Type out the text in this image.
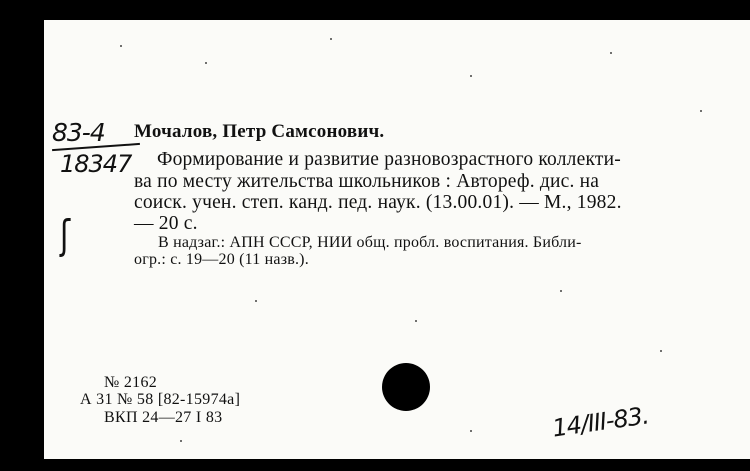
83-4
18347
ʃ
Мочалов, Петр Самсонович.
Формирование и развитие разновозрастного коллекти-
ва по месту жительства школьников : Автореф. дис. на
соиск. учен. степ. канд. пед. наук. (13.00.01). — М., 1982.
— 20 с.
В надзаг.: АПН СССР, НИИ общ. пробл. воспитания. Библи-
огр.: с. 19—20 (11 назв.).
№ 2162
А 31 № 58 [82-15974а]
ВКП 24—27 I 83	14/III-83.
